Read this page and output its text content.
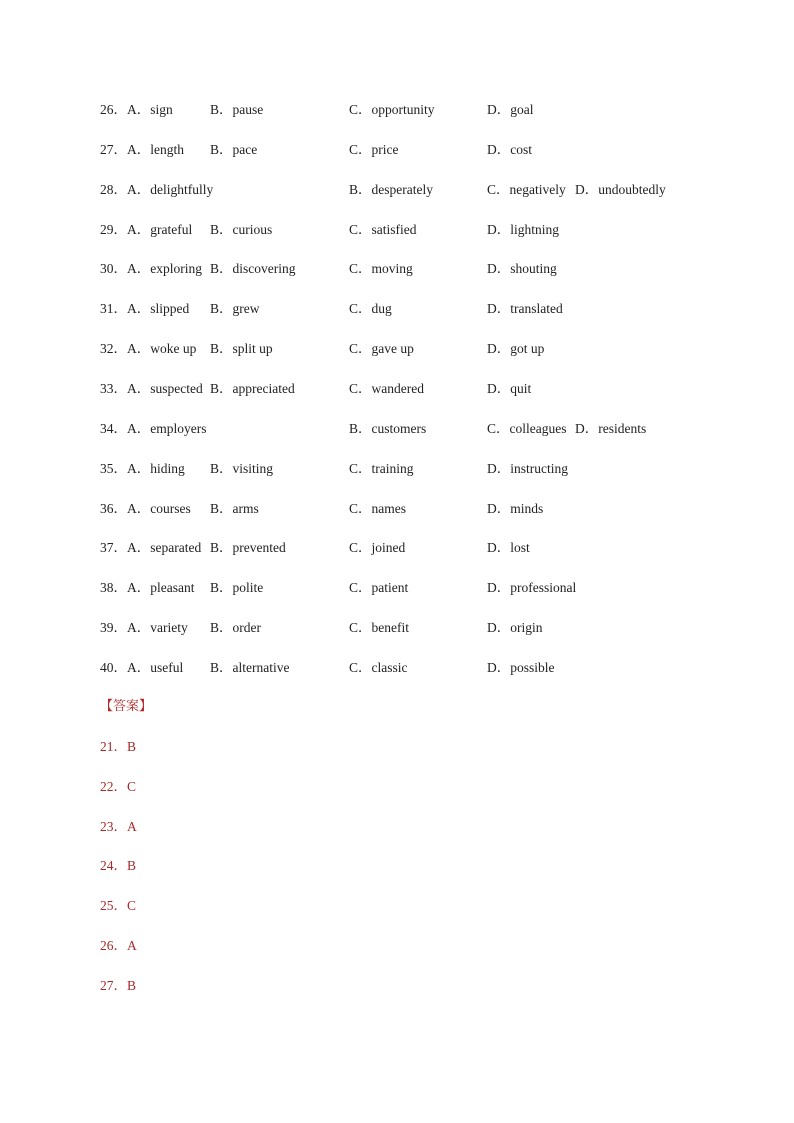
26．A．sign	B．pause	C．opportunity	D．goal
27．A．length B．pace	C．price	D．cost
28．A．delightfully	B．desperately	C．negatively D．undoubtedly
29．A．grateful B．curious	C．satisfied	D．lightning
30．A．exploring B．discovering	C．moving	D．shouting
31．A．slipped B．grew	C．dug	D．translated
32．A．woke up B．split up	C．gave up	D．got up
33．A．suspected B．appreciated	C．wandered	D．quit
34．A．employers	B．customers	C．colleagues D．residents
35．A．hiding B．visiting	C．training	D．instructing
36．A．courses B．arms	C．names	D．minds
37．A．separated B．prevented	C．joined	D．lost
38．A．pleasant B．polite	C．patient	D．professional
39．A．variety B．order	C．benefit	D．origin
40．A．useful B．alternative	C．classic	D．possible
【答案】
21．B
22．C
23．A
24．B
25．C
26．A
27．B
